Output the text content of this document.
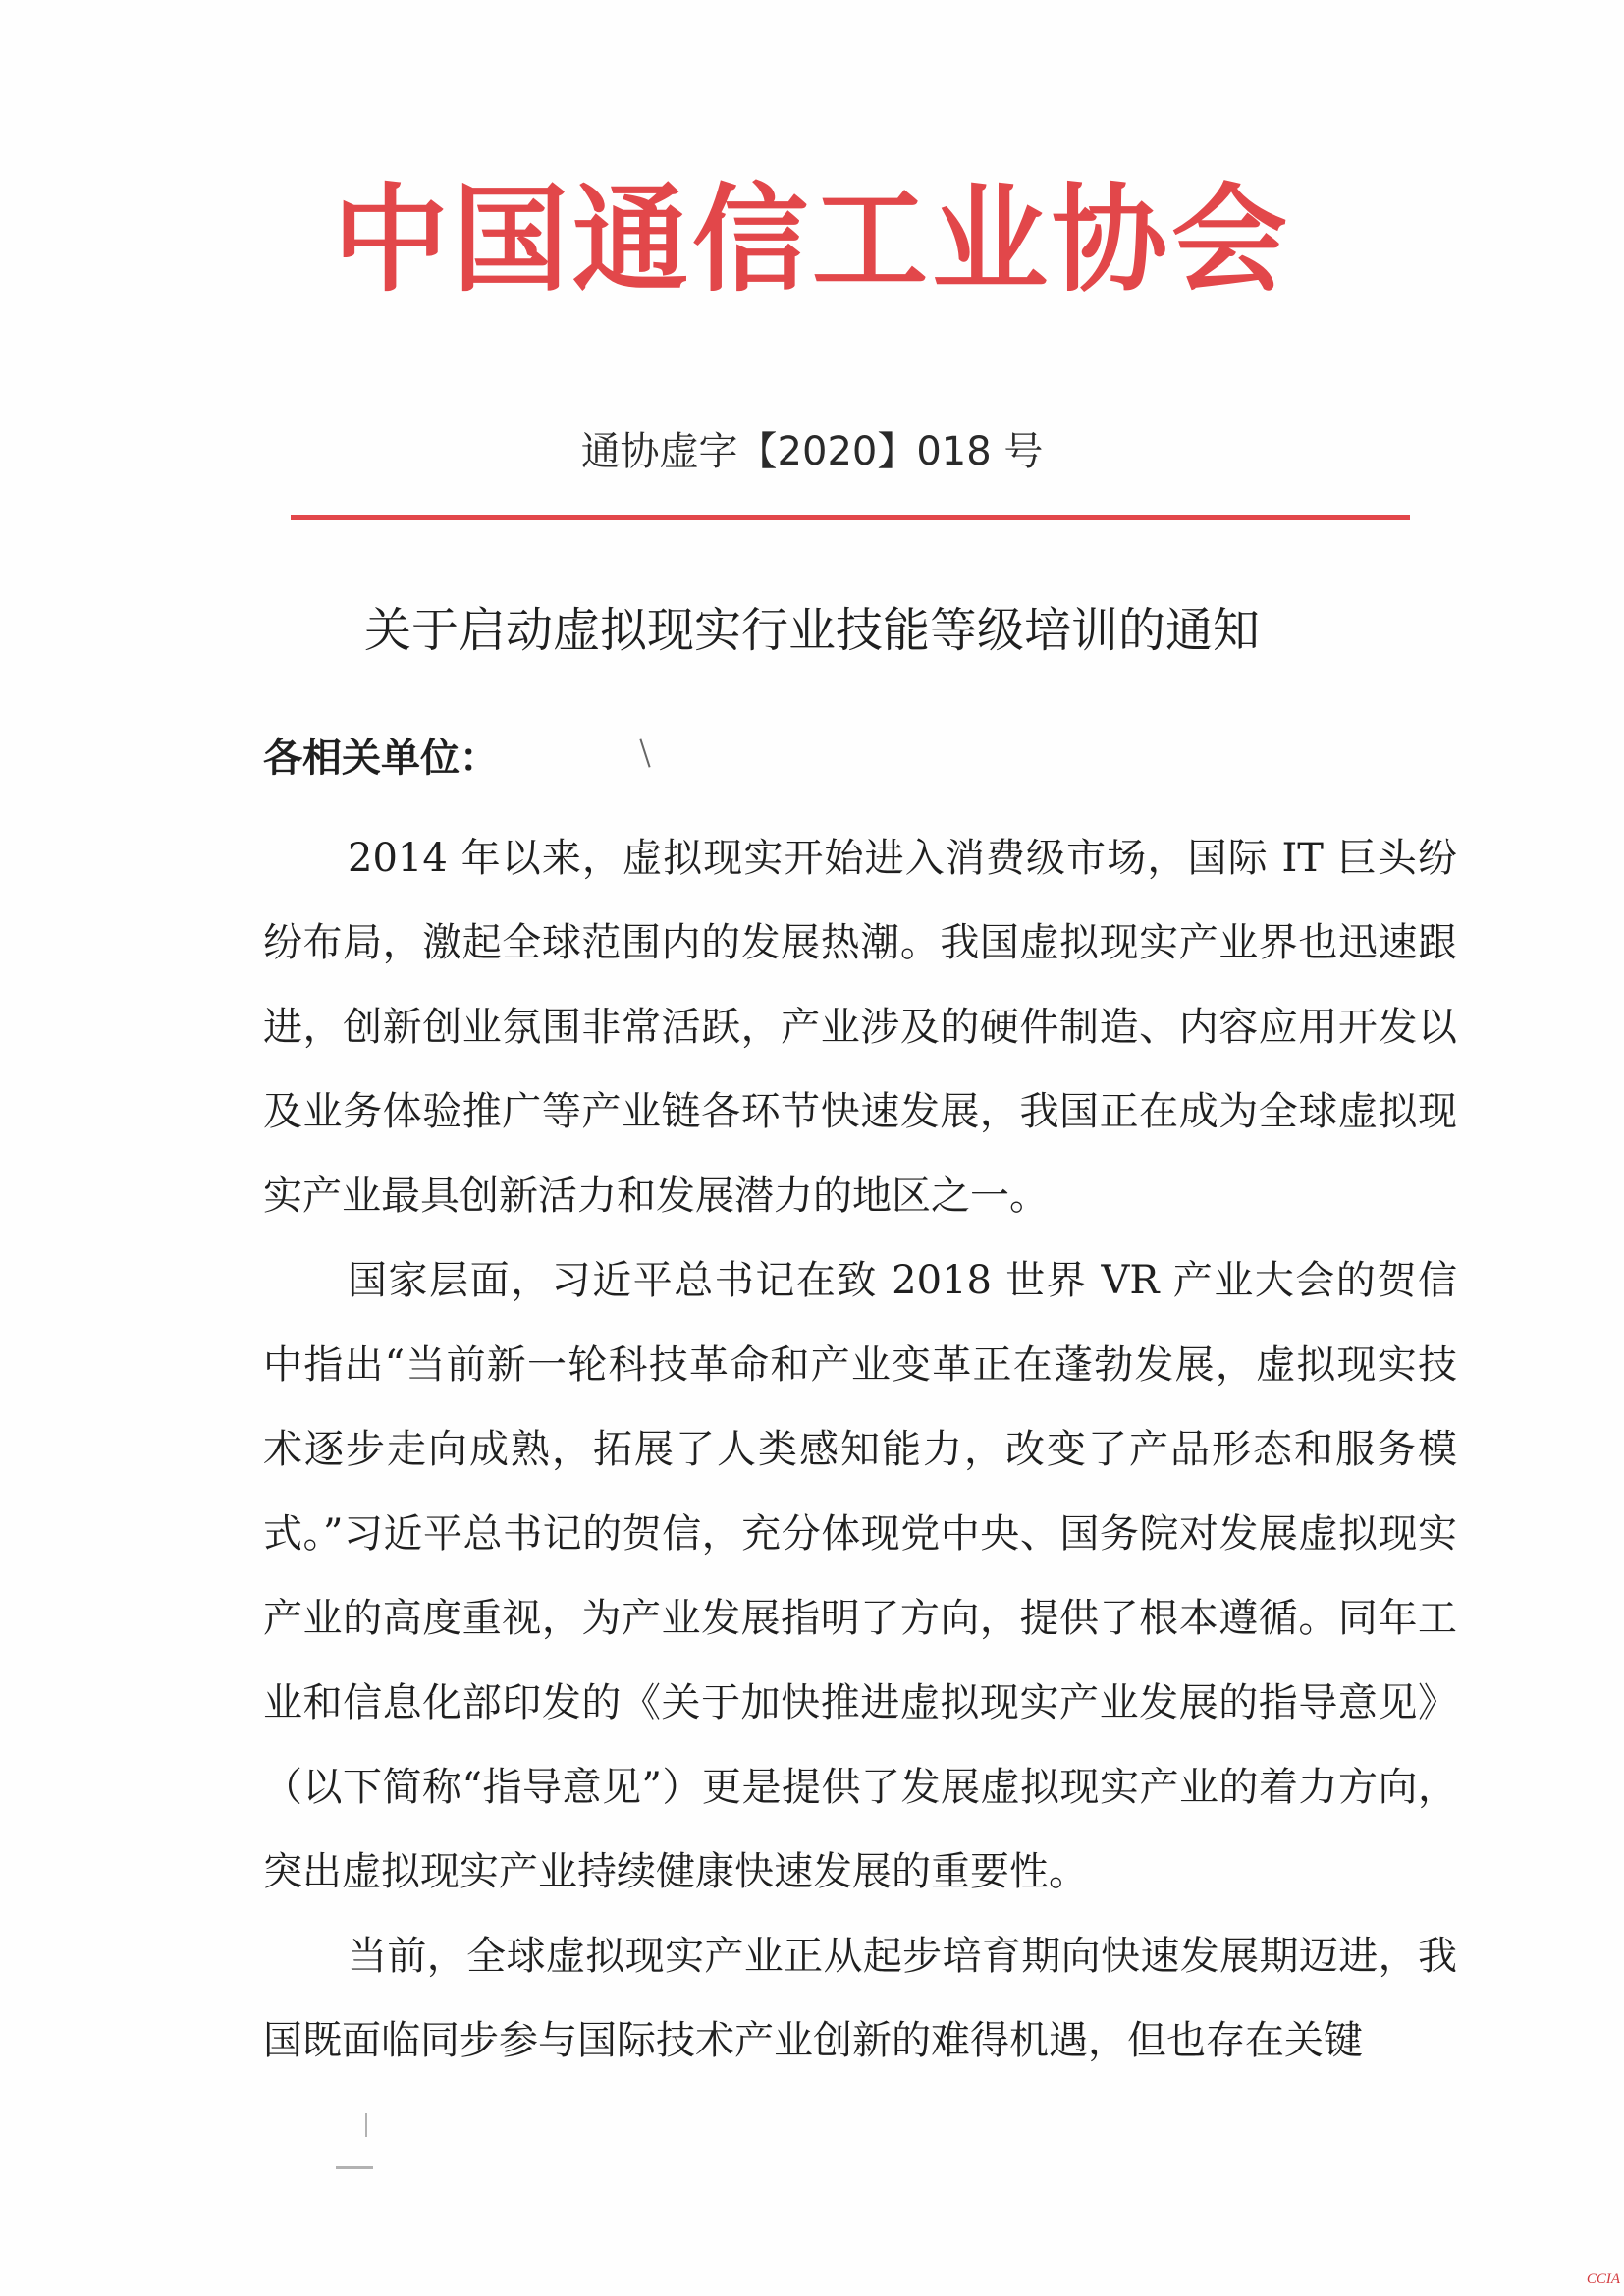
中国通信工业协会
通协虚字【2020】018 号
关于启动虚拟现实行业技能等级培训的通知
各相关单位：

2014 年以来，虚拟现实开始进入消费级市场，国际 IT 巨头纷纷布局，激起全球范围内的发展热潮。我国虚拟现实产业界也迅速跟进，创新创业氛围非常活跃，产业涉及的硬件制造、内容应用开发以及业务体验推广等产业链各环节快速发展，我国正在成为全球虚拟现实产业最具创新活力和发展潜力的地区之一。

国家层面，习近平总书记在致 2018 世界 VR 产业大会的贺信中指出“当前新一轮科技革命和产业变革正在蓬勃发展，虚拟现实技术逐步走向成熟，拓展了人类感知能力，改变了产品形态和服务模式。”习近平总书记的贺信，充分体现党中央、国务院对发展虚拟现实产业的高度重视，为产业发展指明了方向，提供了根本遵循。同年工业和信息化部印发的《关于加快推进虚拟现实产业发展的指导意见》（以下简称“指导意见”）更是提供了发展虚拟现实产业的着力方向，突出虚拟现实产业持续健康快速发展的重要性。

当前，全球虚拟现实产业正从起步培育期向快速发展期迈进，我国既面临同步参与国际技术产业创新的难得机遇，但也存在关键

CCIA
